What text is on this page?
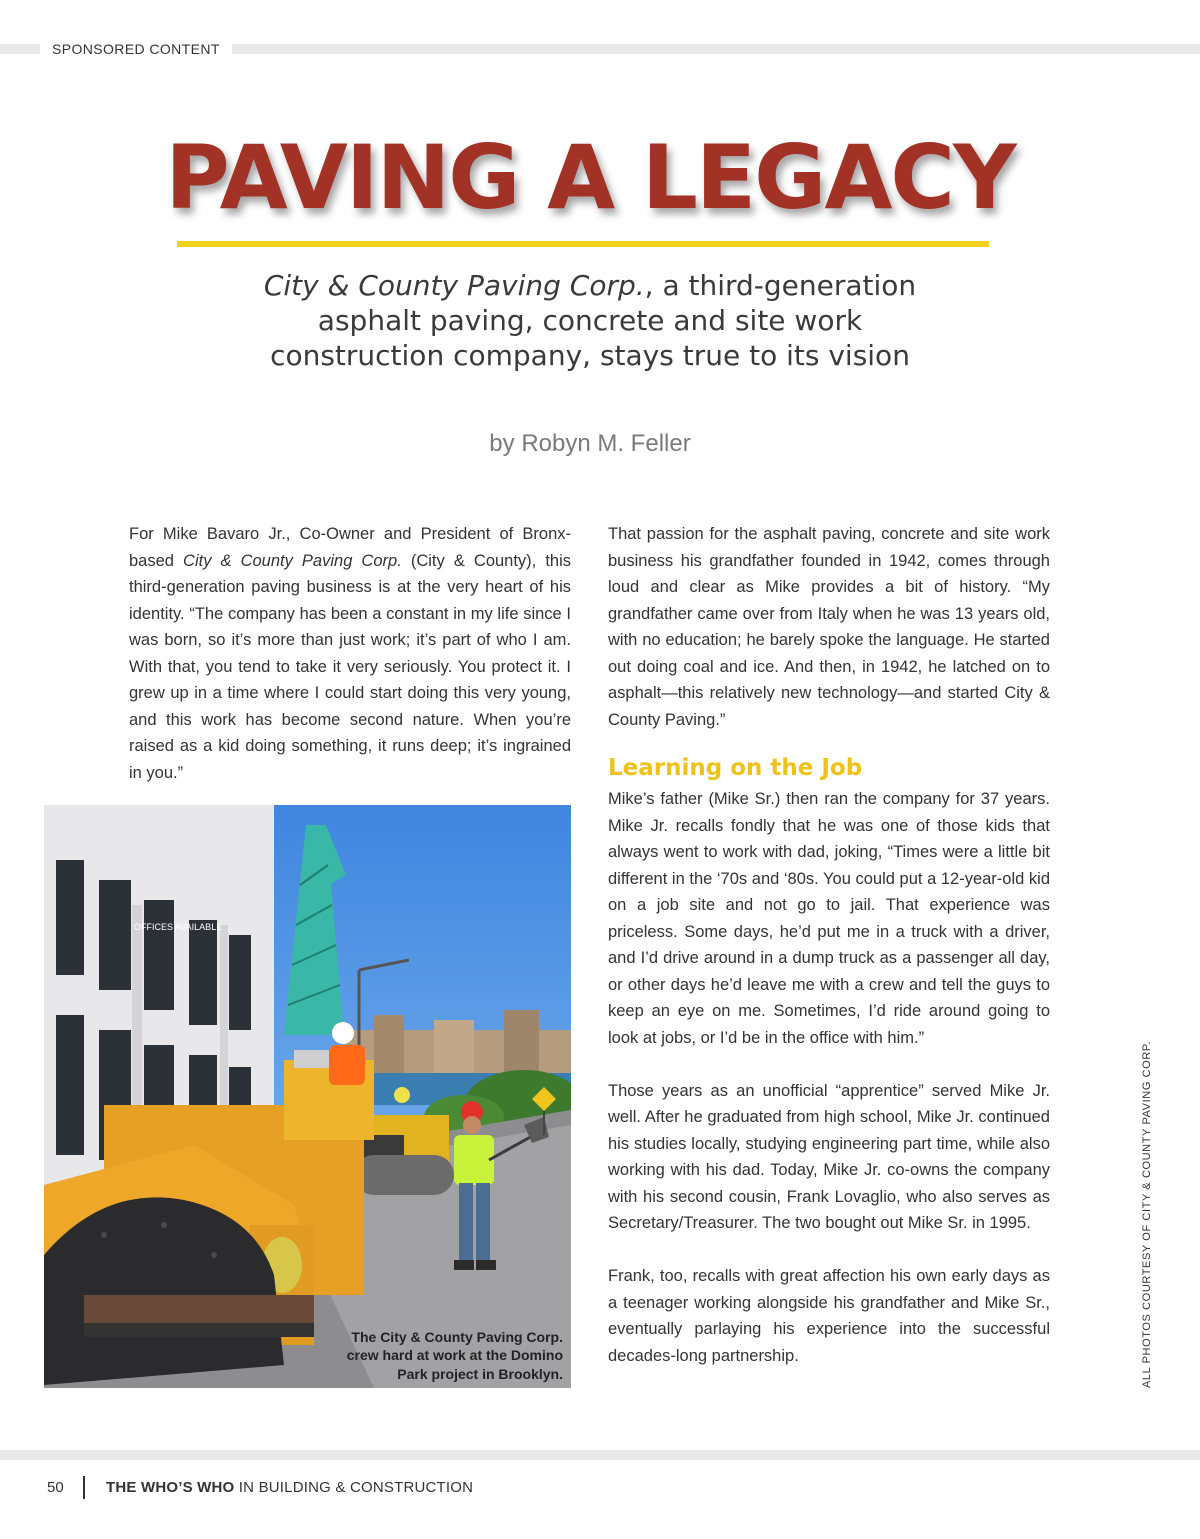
SPONSORED CONTENT
PAVING A LEGACY
City & County Paving Corp., a third-generation
asphalt paving, concrete and site work
construction company, stays true to its vision
by Robyn M. Feller

For Mike Bavaro Jr., Co-Owner and President of Bronx-based City & County Paving Corp. (City & County), this third-generation paving business is at the very heart of his identity. “The company has been a constant in my life since I was born, so it’s more than just work; it’s part of who I am. With that, you tend to take it very seriously. You protect it. I grew up in a time where I could start doing this very young, and this work has become second nature. When you’re raised as a kid doing something, it runs deep; it’s ingrained in you.”

That passion for the asphalt paving, concrete and site work business his grandfather founded in 1942, comes through loud and clear as Mike provides a bit of history. “My grandfather came over from Italy when he was 13 years old, with no education; he barely spoke the language. He started out doing coal and ice. And then, in 1942, he latched on to asphalt—this relatively new technology—and started City & County Paving.”

Learning on the Job

Mike’s father (Mike Sr.) then ran the company for 37 years. Mike Jr. recalls fondly that he was one of those kids that always went to work with dad, joking, “Times were a little bit different in the ‘70s and ‘80s. You could put a 12-year-old kid on a job site and not go to jail. That experience was priceless. Some days, he’d put me in a truck with a driver, and I’d drive around in a dump truck as a passenger all day, or other days he’d leave me with a crew and tell the guys to keep an eye on me. Sometimes, I’d ride around going to look at jobs, or I’d be in the office with him.”

Those years as an unofficial “apprentice” served Mike Jr. well. After he graduated from high school, Mike Jr. continued his studies locally, studying engineering part time, while also working with his dad. Today, Mike Jr. co-owns the company with his second cousin, Frank Lovaglio, who also serves as Secretary/Treasurer. The two bought out Mike Sr. in 1995.

Frank, too, recalls with great affection his own early days as a teenager working alongside his grandfather and Mike Sr., eventually parlaying his experience into the successful decades-long partnership.

OFFICES AVAILABLE
The City & County Paving Corp. crew hard at work at the Domino Park project in Brooklyn.	ALL PHOTOS COURTESY OF CITY & COUNTY PAVING CORP.
50	THE WHO’S WHO IN BUILDING & CONSTRUCTION
